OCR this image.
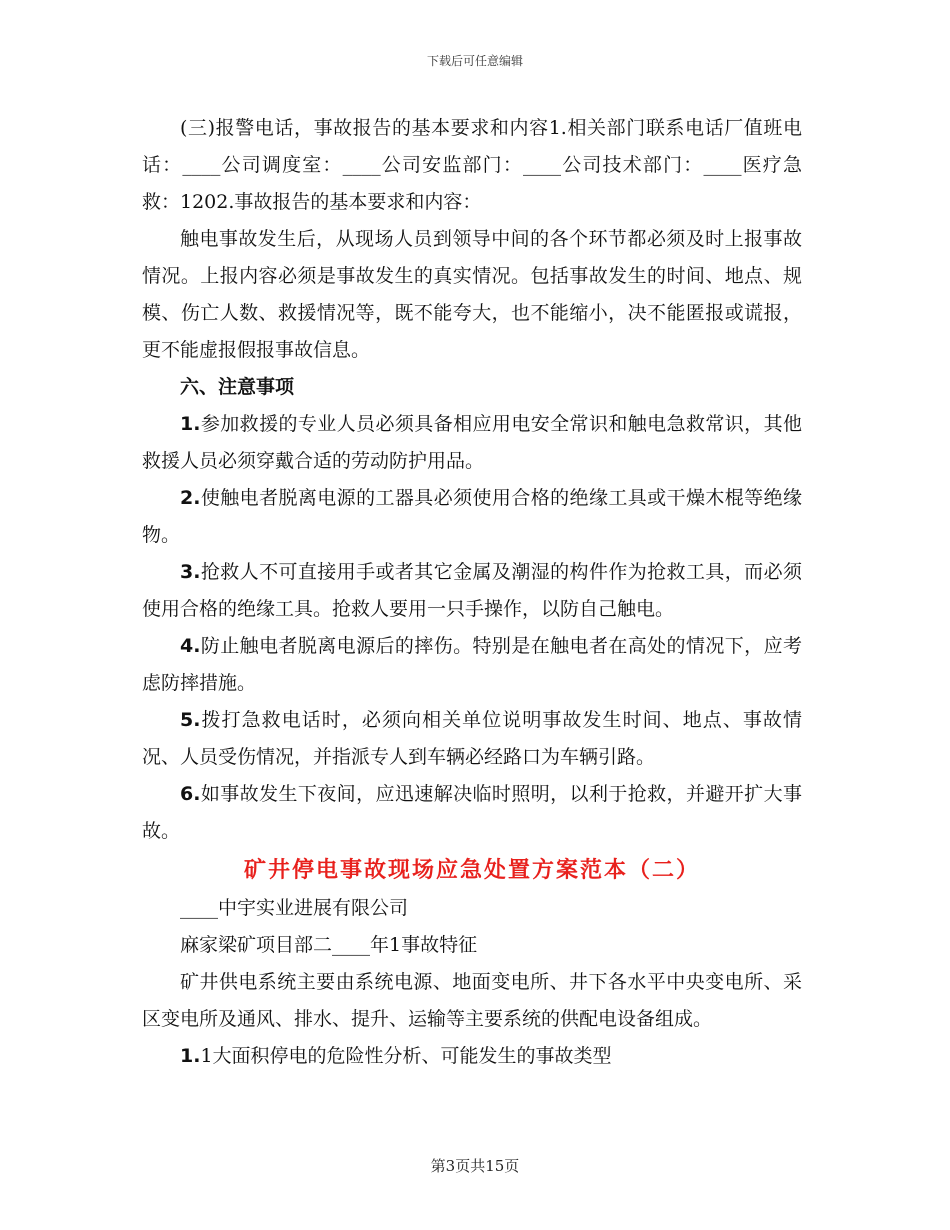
下载后可任意编辑

(三)报警电话，事故报告的基本要求和内容1.相关部门联系电话厂值班电话：____公司调度室：____公司安监部门：____公司技术部门：____医疗急救：1202.事故报告的基本要求和内容：

触电事故发生后，从现场人员到领导中间的各个环节都必须及时上报事故情况。上报内容必须是事故发生的真实情况。包括事故发生的时间、地点、规模、伤亡人数、救援情况等，既不能夸大，也不能缩小，决不能匿报或谎报，更不能虚报假报事故信息。

六、注意事项

1.参加救援的专业人员必须具备相应用电安全常识和触电急救常识，其他救援人员必须穿戴合适的劳动防护用品。

2.使触电者脱离电源的工器具必须使用合格的绝缘工具或干燥木棍等绝缘物。

3.抢救人不可直接用手或者其它金属及潮湿的构件作为抢救工具，而必须使用合格的绝缘工具。抢救人要用一只手操作，以防自己触电。

4.防止触电者脱离电源后的摔伤。特别是在触电者在高处的情况下，应考虑防摔措施。

5.拨打急救电话时，必须向相关单位说明事故发生时间、地点、事故情况、人员受伤情况，并指派专人到车辆必经路口为车辆引路。

6.如事故发生下夜间，应迅速解决临时照明，以利于抢救，并避开扩大事故。

矿井停电事故现场应急处置方案范本（二）

____中宇实业进展有限公司

麻家梁矿项目部二____年1事故特征

矿井供电系统主要由系统电源、地面变电所、井下各水平中央变电所、采区变电所及通风、排水、提升、运输等主要系统的供配电设备组成。

1.1大面积停电的危险性分析、可能发生的事故类型

第3页共15页
